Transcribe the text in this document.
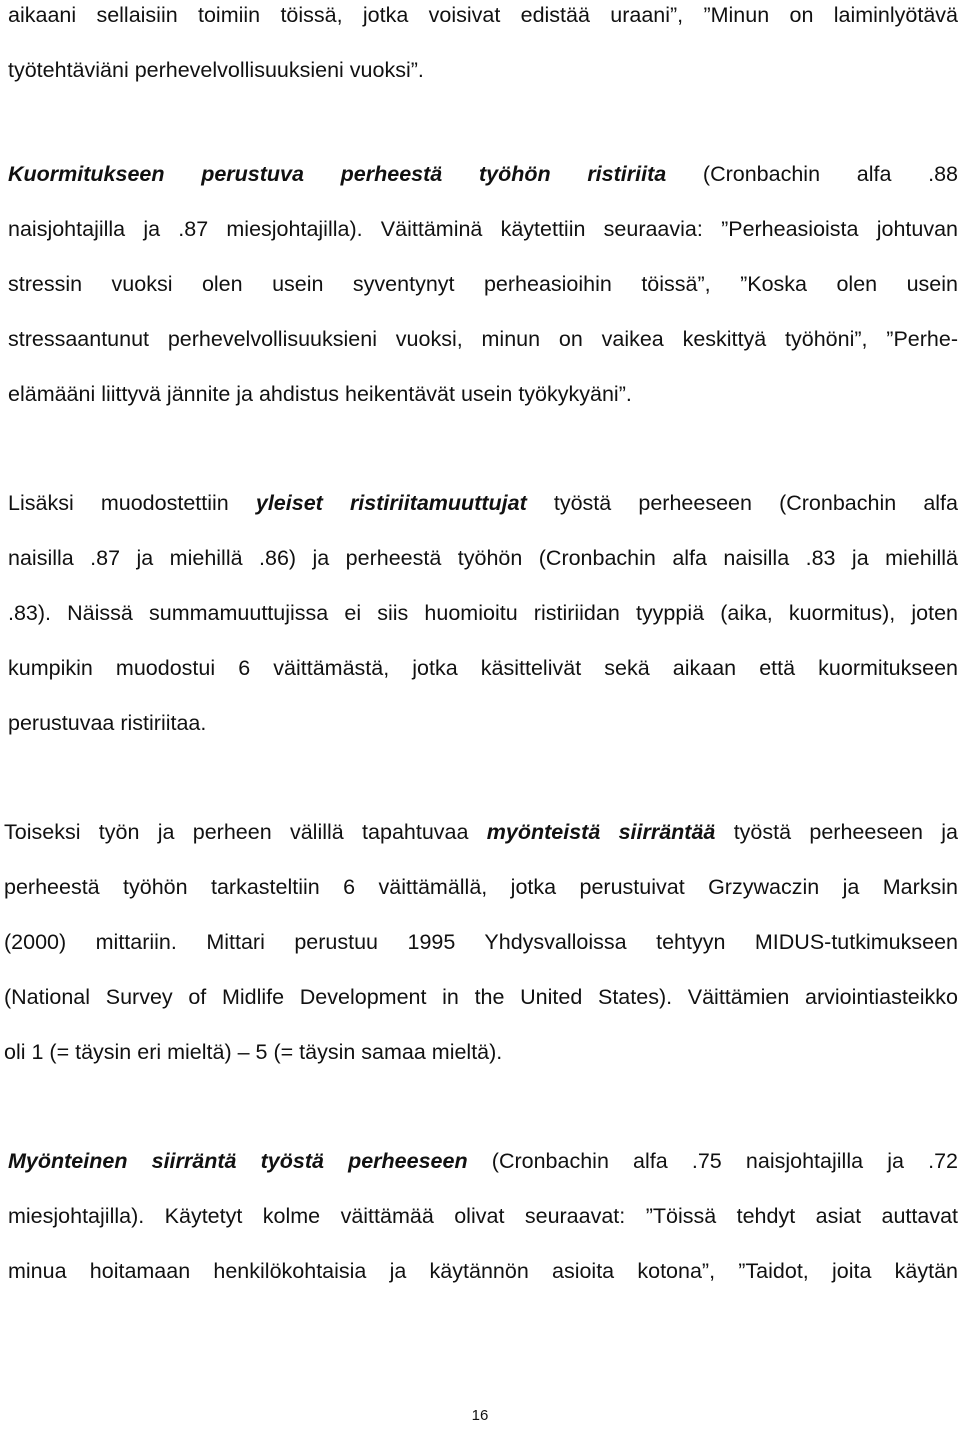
aikaani sellaisiin toimiin töissä, jotka voisivat edistää uraani”, ”Minun on laiminlyötävä
työtehtäviäni perhevelvollisuuksieni vuoksi”.
Kuormitukseen perustuva perheestä työhön ristiriita (Cronbachin alfa .88
naisjohtajilla ja .87 miesjohtajilla). Väittäminä käytettiin seuraavia: ”Perheasioista johtuvan
stressin vuoksi olen usein syventynyt perheasioihin töissä”, ”Koska olen usein
stressaantunut perhevelvollisuuksieni vuoksi, minun on vaikea keskittyä työhöni”, ”Perhe-
elämääni liittyvä jännite ja ahdistus heikentävät usein työkykyäni”.
Lisäksi muodostettiin yleiset ristiriitamuuttujat työstä perheeseen (Cronbachin alfa
naisilla .87 ja miehillä .86) ja perheestä työhön (Cronbachin alfa naisilla .83 ja miehillä
.83). Näissä summamuuttujissa ei siis huomioitu ristiriidan tyyppiä (aika, kuormitus), joten
kumpikin muodostui 6 väittämästä, jotka käsittelivät sekä aikaan että kuormitukseen
perustuvaa ristiriitaa.
Toiseksi työn ja perheen välillä tapahtuvaa myönteistä siirräntää työstä perheeseen ja
perheestä työhön tarkasteltiin 6 väittämällä, jotka perustuivat Grzywaczin ja Marksin
(2000) mittariin. Mittari perustuu 1995 Yhdysvalloissa tehtyyn MIDUS-tutkimukseen
(National Survey of Midlife Development in the United States). Väittämien arviointiasteikko
oli 1 (= täysin eri mieltä) – 5 (= täysin samaa mieltä).
Myönteinen siirräntä työstä perheeseen (Cronbachin alfa .75 naisjohtajilla ja .72
miesjohtajilla). Käytetyt kolme väittämää olivat seuraavat: ”Töissä tehdyt asiat auttavat
minua hoitamaan henkilökohtaisia ja käytännön asioita kotona”, ”Taidot, joita käytän
16
